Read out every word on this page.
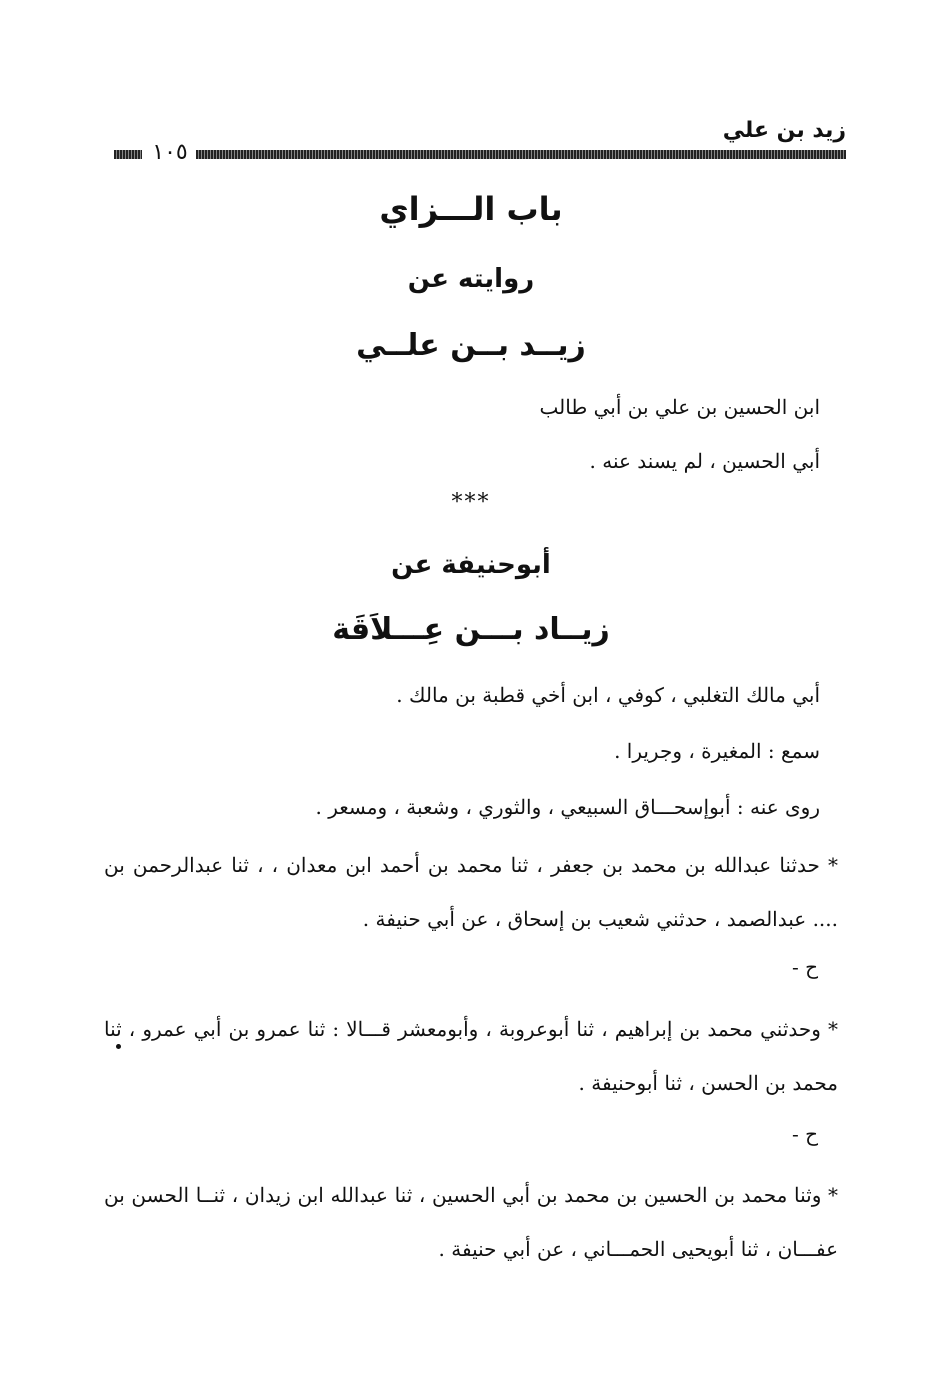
زيد بن علي
١٠٥
باب الـــزاي
روايته عن
زيــد بــن علــي
ابن الحسين بن علي بن أبي طالب
أبي الحسين ، لم يسند عنه .
***
أبوحنيفة عن
زيــاد بـــن عِـــلاَقَة
أبي مالك التغلبي ، كوفي ، ابن أخي قطبة بن مالك .
سمع : المغيرة ، وجريرا .
روى عنه : أبوإسحـــاق السبيعي ، والثوري ، وشعبة ، ومسعر .
* حدثنا عبدالله بن محمد بن جعفر ، ثنا محمد بن أحمد ابن معدان ، ، ثنا عبدالرحمن بن .... عبدالصمد ، حدثني شعيب بن إسحاق ، عن أبي حنيفة .
ح -
* وحدثني محمد بن إبراهيم ، ثنا أبوعروبة ، وأبومعشر قـــالا : ثنا عمرو بن أبي عمرو ، ثنا محمد بن الحسن ، ثنا أبوحنيفة .
ح -
* وثنا محمد بن الحسين بن محمد بن أبي الحسين ، ثنا عبدالله ابن زيدان ، ثنــا الحسن بن عفـــان ، ثنا أبويحيى الحمـــاني ، عن أبي حنيفة .
